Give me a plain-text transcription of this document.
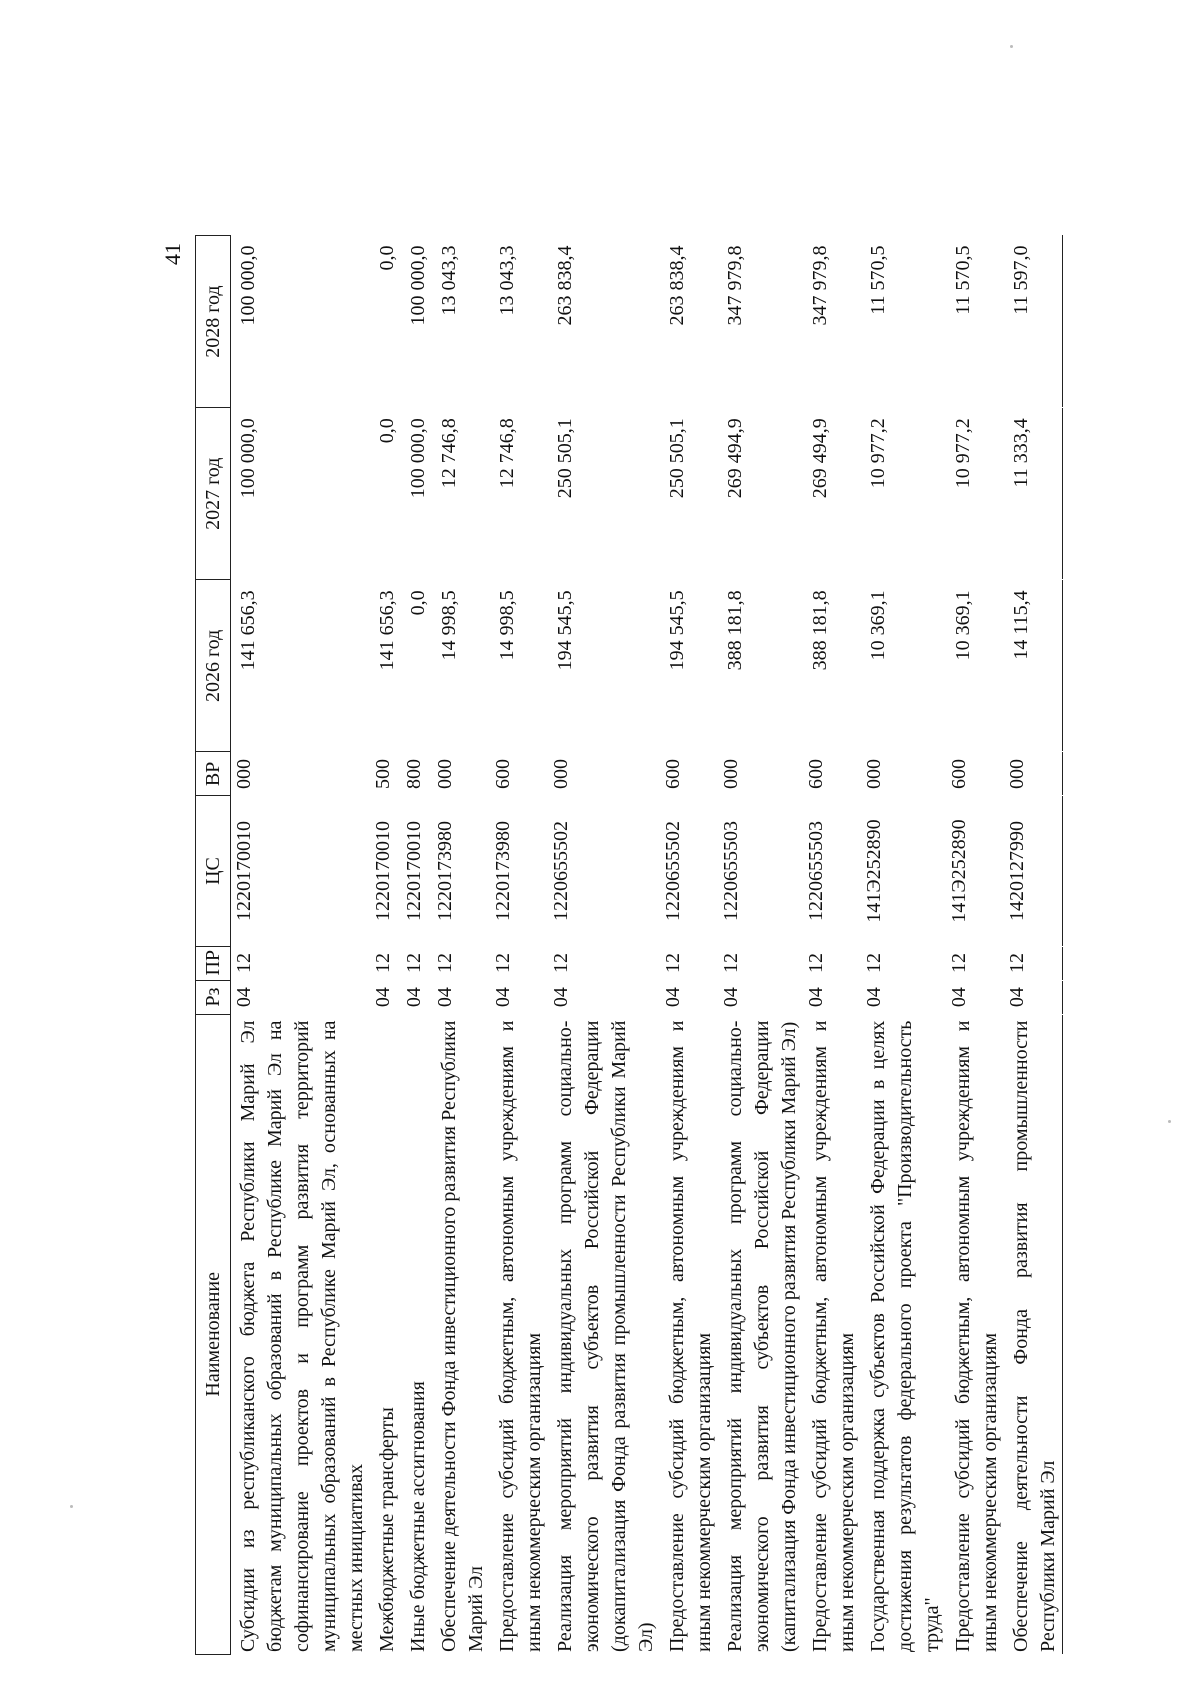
41
Наименование	Рз	ПР	ЦС	ВР	2026 год	2027 год	2028 год
Субсидии из республиканского бюджета Республики Марий Эл бюджетам муниципальных образований в Республике Марий Эл на софинансирование проектов и программ развития территорий муниципальных образований в Республике Марий Эл, основанных на местных инициативах	04	12	1220170010	000	141 656,3	100 000,0	100 000,0
Межбюджетные трансферты	04	12	1220170010	500	141 656,3	0,0	0,0
Иные бюджетные ассигнования	04	12	1220170010	800	0,0	100 000,0	100 000,0
Обеспечение деятельности Фонда инвестиционного развития Республики Марий Эл	04	12	1220173980	000	14 998,5	12 746,8	13 043,3
Предоставление субсидий бюджетным, автономным учреждениям и иным некоммерческим организациям	04	12	1220173980	600	14 998,5	12 746,8	13 043,3
Реализация мероприятий индивидуальных программ социально-экономического развития субъектов Российской Федерации (докапитализация Фонда развития промышленности Республики Марий Эл)	04	12	1220655502	000	194 545,5	250 505,1	263 838,4
Предоставление субсидий бюджетным, автономным учреждениям и иным некоммерческим организациям	04	12	1220655502	600	194 545,5	250 505,1	263 838,4
Реализация мероприятий индивидуальных программ социально-экономического развития субъектов Российской Федерации (капитализация Фонда инвестиционного развития Республики Марий Эл)	04	12	1220655503	000	388 181,8	269 494,9	347 979,8
Предоставление субсидий бюджетным, автономным учреждениям и иным некоммерческим организациям	04	12	1220655503	600	388 181,8	269 494,9	347 979,8
Государственная поддержка субъектов Российской Федерации в целях достижения результатов федерального проекта "Производительность труда"	04	12	141Э252890	000	10 369,1	10 977,2	11 570,5
Предоставление субсидий бюджетным, автономным учреждениям и иным некоммерческим организациям	04	12	141Э252890	600	10 369,1	10 977,2	11 570,5
Обеспечение деятельности Фонда развития промышленности Республики Марий Эл	04	12	1420127990	000	14 115,4	11 333,4	11 597,0
